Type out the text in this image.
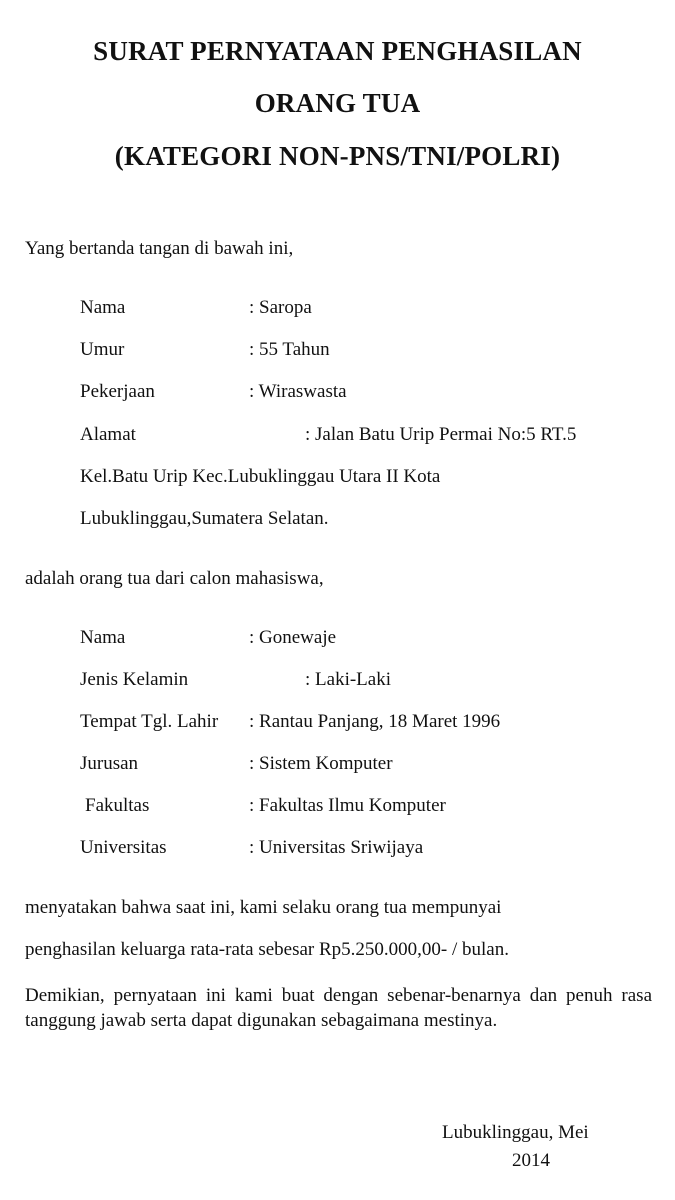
SURAT PERNYATAAN PENGHASILAN
ORANG TUA
(KATEGORI NON-PNS/TNI/POLRI)
Yang bertanda tangan di bawah ini,
Nama	: Saropa
Umur	: 55 Tahun
Pekerjaan	: Wiraswasta
Alamat	: Jalan Batu Urip Permai No:5 RT.5
Kel.Batu Urip Kec.Lubuklinggau Utara II Kota
Lubuklinggau,Sumatera Selatan.
adalah orang tua dari calon mahasiswa,
Nama	: Gonewaje
Jenis Kelamin	: Laki-Laki
Tempat Tgl. Lahir : Rantau Panjang, 18 Maret 1996
Jurusan	: Sistem Komputer
Fakultas	: Fakultas Ilmu Komputer
Universitas	: Universitas Sriwijaya
menyatakan bahwa saat ini, kami selaku orang tua mempunyai
penghasilan keluarga rata-rata sebesar Rp5.250.000,00- / bulan.
Demikian, pernyataan ini kami buat dengan sebenar-benarnya dan penuh rasa tanggung jawab serta dapat digunakan sebagaimana mestinya.
Lubuklinggau, Mei
2014
